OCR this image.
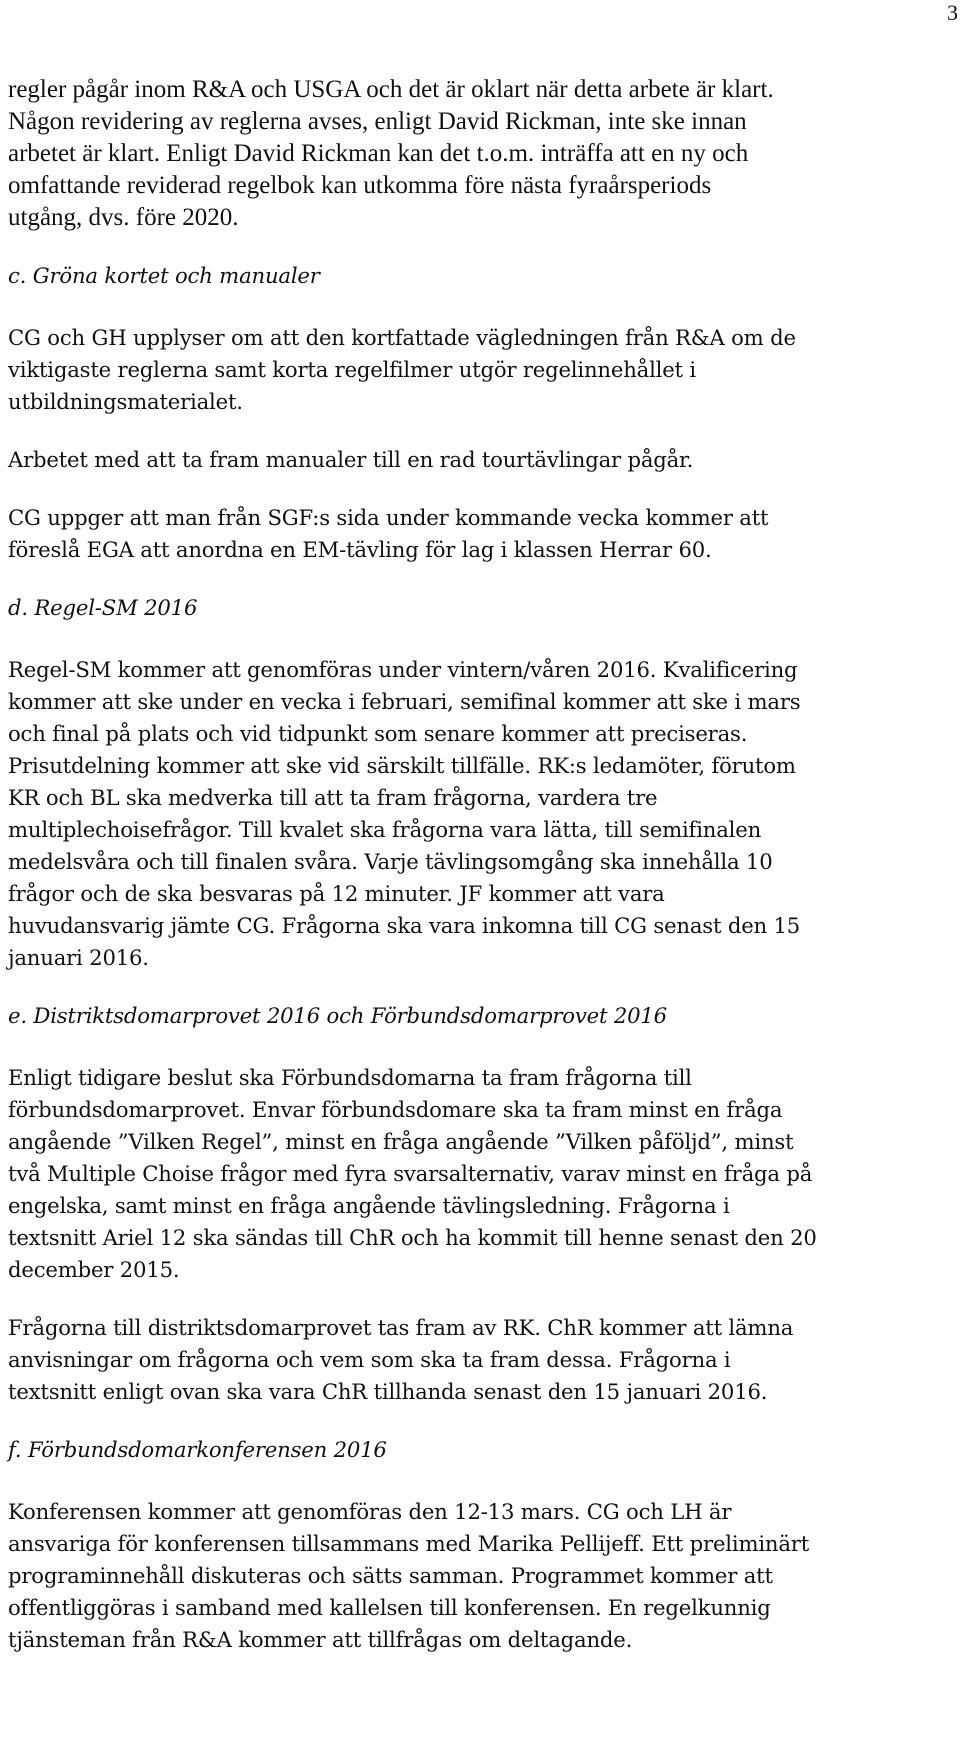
3

regler pågår inom R&A och USGA och det är oklart när detta arbete är klart.
Någon revidering av reglerna avses, enligt David Rickman, inte ske innan
arbetet är klart. Enligt David Rickman kan det t.o.m. inträffa att en ny och
omfattande reviderad regelbok kan utkomma före nästa fyraårsperiods
utgång, dvs. före 2020.

c. Gröna kortet och manualer

CG och GH upplyser om att den kortfattade vägledningen från R&A om de
viktigaste reglerna samt korta regelfilmer utgör regelinnehållet i
utbildningsmaterialet.

Arbetet med att ta fram manualer till en rad tourtävlingar pågår.

CG uppger att man från SGF:s sida under kommande vecka kommer att
föreslå EGA att anordna en EM-tävling för lag i klassen Herrar 60.

d. Regel-SM 2016

Regel-SM kommer att genomföras under vintern/våren 2016. Kvalificering
kommer att ske under en vecka i februari, semifinal kommer att ske i mars
och final på plats och vid tidpunkt som senare kommer att preciseras.
Prisutdelning kommer att ske vid särskilt tillfälle. RK:s ledamöter, förutom
KR och BL ska medverka till att ta fram frågorna, vardera tre
multiplechoisefrågor. Till kvalet ska frågorna vara lätta, till semifinalen
medelsvåra och till finalen svåra. Varje tävlingsomgång ska innehålla 10
frågor och de ska besvaras på 12 minuter. JF kommer att vara
huvudansvarig jämte CG. Frågorna ska vara inkomna till CG senast den 15
januari 2016.

e. Distriktsdomarprovet 2016 och Förbundsdomarprovet 2016

Enligt tidigare beslut ska Förbundsdomarna ta fram frågorna till
förbundsdomarprovet. Envar förbundsdomare ska ta fram minst en fråga
angående ”Vilken Regel”, minst en fråga angående ”Vilken påföljd”, minst
två Multiple Choise frågor med fyra svarsalternativ, varav minst en fråga på
engelska, samt minst en fråga angående tävlingsledning. Frågorna i
textsnitt Ariel 12 ska sändas till ChR och ha kommit till henne senast den 20
december 2015.

Frågorna till distriktsdomarprovet tas fram av RK. ChR kommer att lämna
anvisningar om frågorna och vem som ska ta fram dessa. Frågorna i
textsnitt enligt ovan ska vara ChR tillhanda senast den 15 januari 2016.

f. Förbundsdomarkonferensen 2016

Konferensen kommer att genomföras den 12-13 mars. CG och LH är
ansvariga för konferensen tillsammans med Marika Pellijeff. Ett preliminärt
programinnehåll diskuteras och sätts samman. Programmet kommer att
offentliggöras i samband med kallelsen till konferensen. En regelkunnig
tjänsteman från R&A kommer att tillfrågas om deltagande.
